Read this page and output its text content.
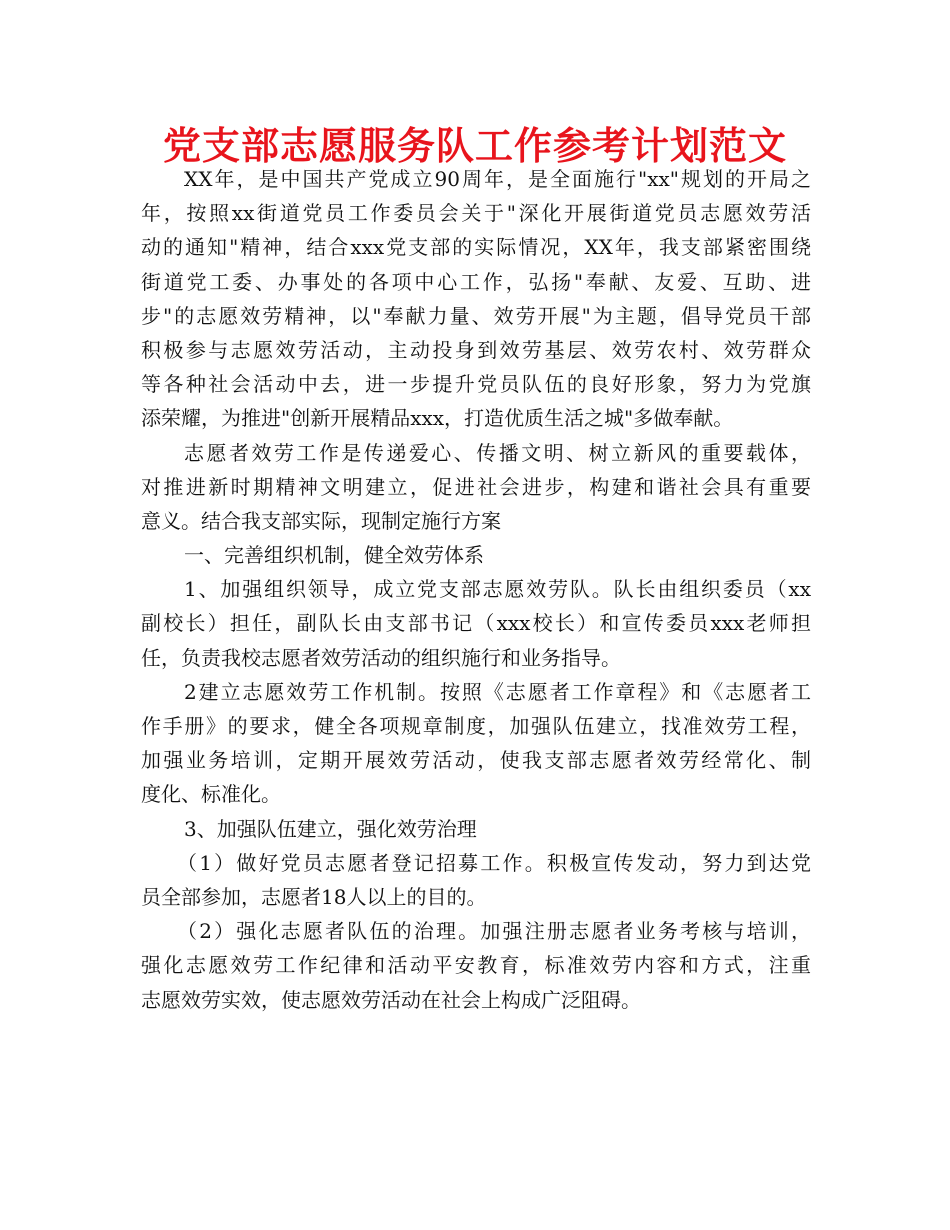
党支部志愿服务队工作参考计划范文
XX年，是中国共产党成立90周年，是全面施行"xx"规划的开局之
年，按照xx街道党员工作委员会关于"深化开展街道党员志愿效劳活
动的通知"精神，结合xxx党支部的实际情况，XX年，我支部紧密围绕
街道党工委、办事处的各项中心工作，弘扬"奉献、友爱、互助、进
步"的志愿效劳精神，以"奉献力量、效劳开展"为主题，倡导党员干部
积极参与志愿效劳活动，主动投身到效劳基层、效劳农村、效劳群众
等各种社会活动中去，进一步提升党员队伍的良好形象，努力为党旗
添荣耀，为推进"创新开展精品xxx，打造优质生活之城"多做奉献。
志愿者效劳工作是传递爱心、传播文明、树立新风的重要载体，
对推进新时期精神文明建立，促进社会进步，构建和谐社会具有重要
意义。结合我支部实际，现制定施行方案
一、完善组织机制，健全效劳体系
1、加强组织领导，成立党支部志愿效劳队。队长由组织委员（xx
副校长）担任，副队长由支部书记（xxx校长）和宣传委员xxx老师担
任，负责我校志愿者效劳活动的组织施行和业务指导。
2建立志愿效劳工作机制。按照《志愿者工作章程》和《志愿者工
作手册》的要求，健全各项规章制度，加强队伍建立，找准效劳工程，
加强业务培训，定期开展效劳活动，使我支部志愿者效劳经常化、制
度化、标准化。
3、加强队伍建立，强化效劳治理
（1）做好党员志愿者登记招募工作。积极宣传发动，努力到达党
员全部参加，志愿者18人以上的目的。
（2）强化志愿者队伍的治理。加强注册志愿者业务考核与培训，
强化志愿效劳工作纪律和活动平安教育，标准效劳内容和方式，注重
志愿效劳实效，使志愿效劳活动在社会上构成广泛阻碍。
